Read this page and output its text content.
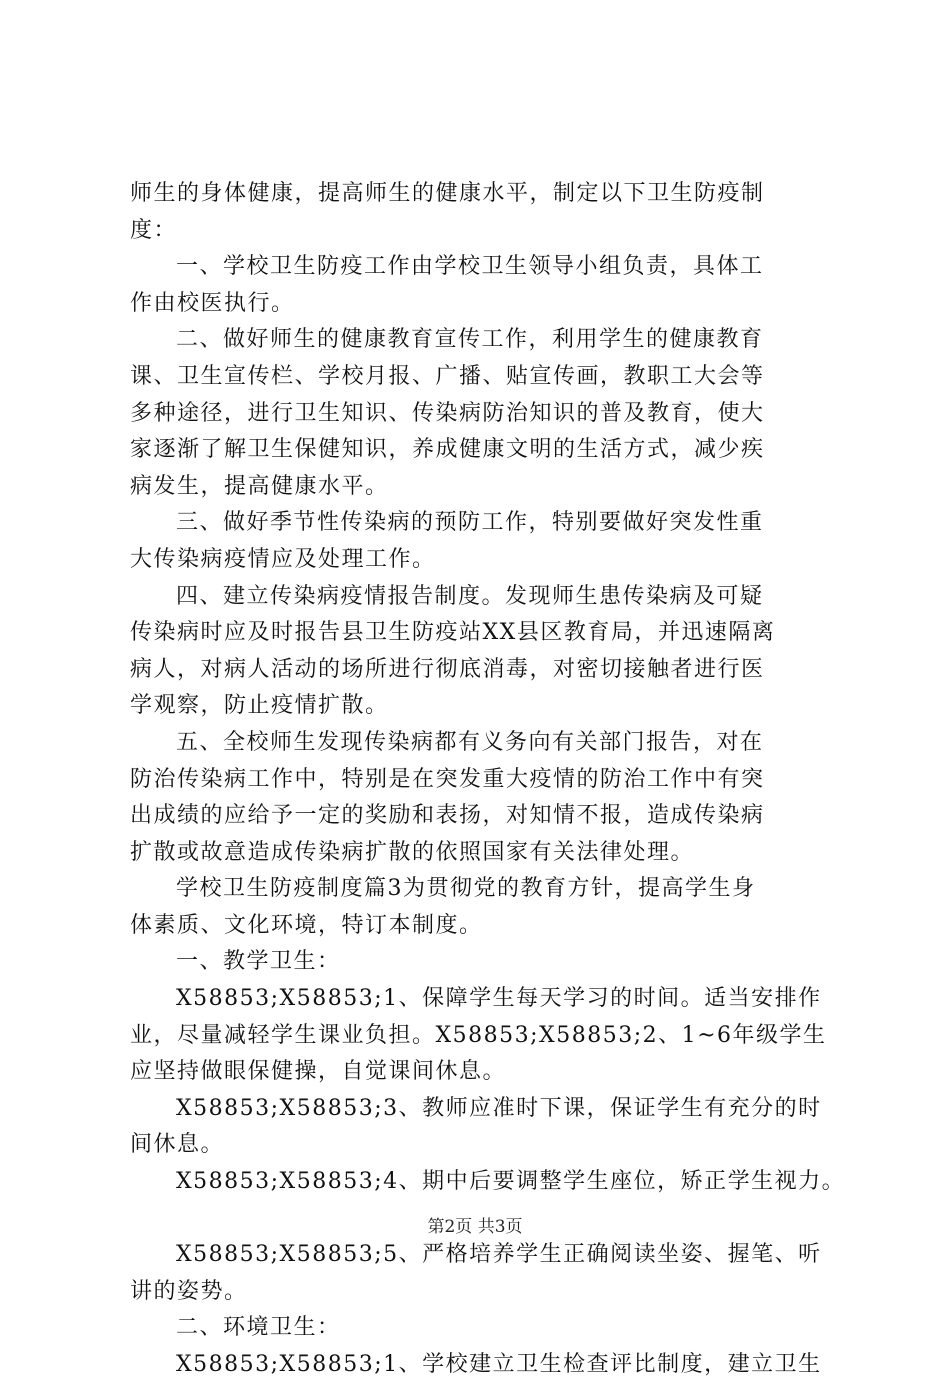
师生的身体健康，提高师生的健康水平，制定以下卫生防疫制
度：
一、学校卫生防疫工作由学校卫生领导小组负责，具体工
作由校医执行。
二、做好师生的健康教育宣传工作，利用学生的健康教育
课、卫生宣传栏、学校月报、广播、贴宣传画，教职工大会等
多种途径，进行卫生知识、传染病防治知识的普及教育，使大
家逐渐了解卫生保健知识，养成健康文明的生活方式，减少疾
病发生，提高健康水平。
三、做好季节性传染病的预防工作，特别要做好突发性重
大传染病疫情应及处理工作。
四、建立传染病疫情报告制度。发现师生患传染病及可疑
传染病时应及时报告县卫生防疫站XX县区教育局，并迅速隔离
病人，对病人活动的场所进行彻底消毒，对密切接触者进行医
学观察，防止疫情扩散。
五、全校师生发现传染病都有义务向有关部门报告，对在
防治传染病工作中，特别是在突发重大疫情的防治工作中有突
出成绩的应给予一定的奖励和表扬，对知情不报，造成传染病
扩散或故意造成传染病扩散的依照国家有关法律处理。
学校卫生防疫制度篇3为贯彻党的教育方针，提高学生身
体素质、文化环境，特订本制度。
一、教学卫生：
X58853;X58853;1、保障学生每天学习的时间。适当安排作
业，尽量减轻学生课业负担。X58853;X58853;2、1~6年级学生
应坚持做眼保健操，自觉课间休息。
X58853;X58853;3、教师应准时下课，保证学生有充分的时
间休息。
X58853;X58853;4、期中后要调整学生座位，矫正学生视力。
X58853;X58853;5、严格培养学生正确阅读坐姿、握笔、听
讲的姿势。
二、环境卫生：
X58853;X58853;1、学校建立卫生检查评比制度，建立卫生
第2页 共3页
